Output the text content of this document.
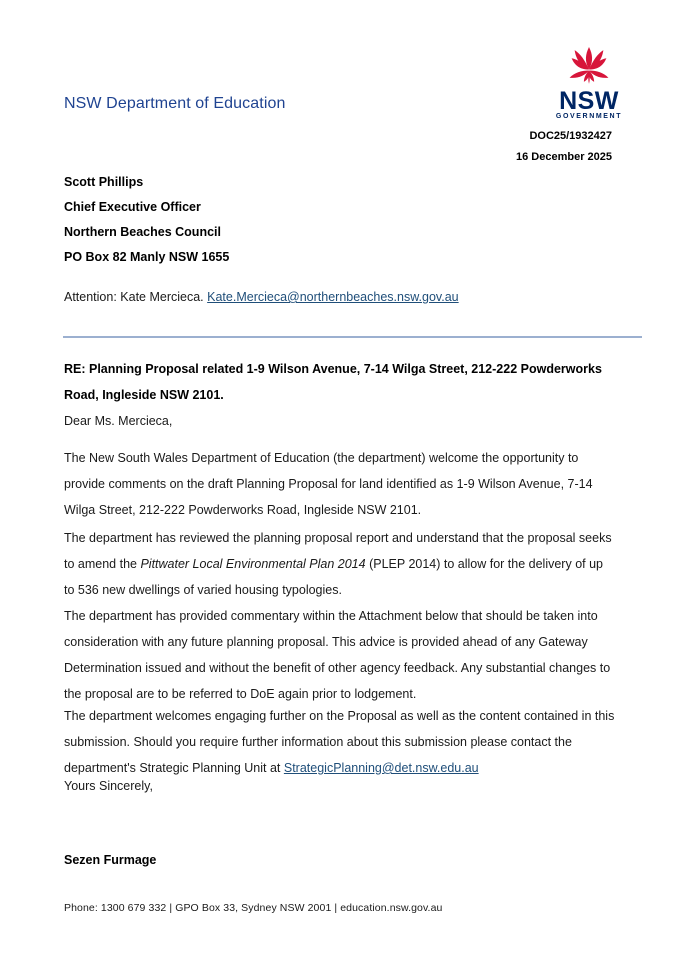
NSW Department of Education	NSW
GOVERNMENT
DOC25/1932427
16 December 2025
Scott Phillips
Chief Executive Officer
Northern Beaches Council
PO Box 82 Manly NSW 1655
Attention: Kate Mercieca. Kate.Mercieca@northernbeaches.nsw.gov.au
RE: Planning Proposal related 1-9 Wilson Avenue, 7-14 Wilga Street, 212-222 Powderworks Road, Ingleside NSW 2101.
Dear Ms. Mercieca,
The New South Wales Department of Education (the department) welcome the opportunity to provide comments on the draft Planning Proposal for land identified as 1-9 Wilson Avenue, 7-14 Wilga Street, 212-222 Powderworks Road, Ingleside NSW 2101.
The department has reviewed the planning proposal report and understand that the proposal seeks to amend the Pittwater Local Environmental Plan 2014 (PLEP 2014) to allow for the delivery of up to 536 new dwellings of varied housing typologies.
The department has provided commentary within the Attachment below that should be taken into consideration with any future planning proposal. This advice is provided ahead of any Gateway Determination issued and without the benefit of other agency feedback. Any substantial changes to the proposal are to be referred to DoE again prior to lodgement.
The department welcomes engaging further on the Proposal as well as the content contained in this submission. Should you require further information about this submission please contact the department's Strategic Planning Unit at StrategicPlanning@det.nsw.edu.au
Yours Sincerely,
Sezen Furmage
Phone: 1300 679 332 | GPO Box 33, Sydney NSW 2001 | education.nsw.gov.au
